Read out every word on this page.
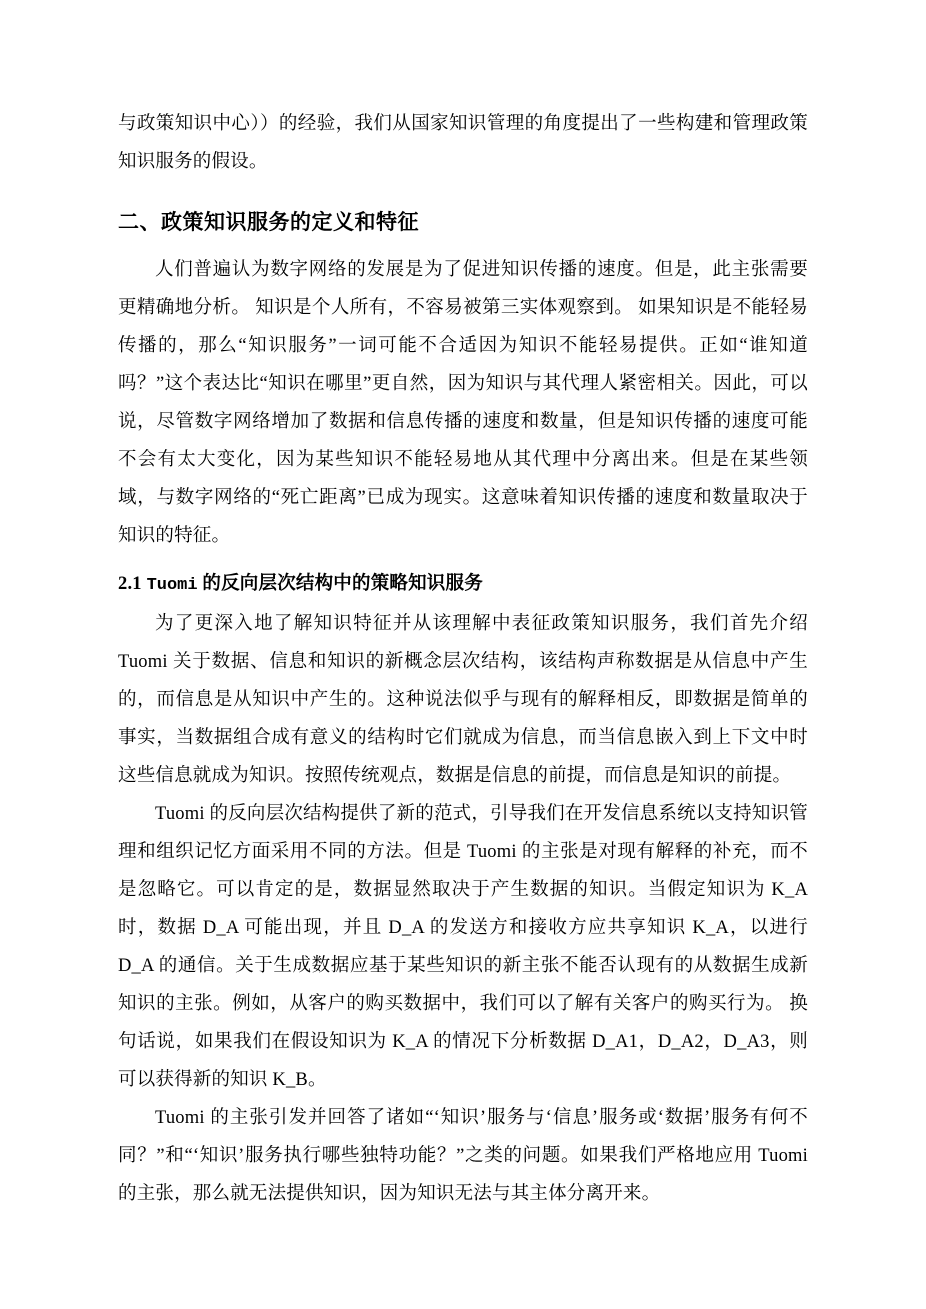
与政策知识中心））的经验，我们从国家知识管理的角度提出了一些构建和管理政策知识服务的假设。

二、政策知识服务的定义和特征

人们普遍认为数字网络的发展是为了促进知识传播的速度。但是，此主张需要更精确地分析。 知识是个人所有，不容易被第三实体观察到。 如果知识是不能轻易传播的，那么“知识服务”一词可能不合适因为知识不能轻易提供。正如“谁知道吗？”这个表达比“知识在哪里”更自然，因为知识与其代理人紧密相关。因此，可以说，尽管数字网络增加了数据和信息传播的速度和数量，但是知识传播的速度可能不会有太大变化，因为某些知识不能轻易地从其代理中分离出来。但是在某些领域，与数字网络的“死亡距离”已成为现实。这意味着知识传播的速度和数量取决于知识的特征。

2.1 Tuomi 的反向层次结构中的策略知识服务

为了更深入地了解知识特征并从该理解中表征政策知识服务，我们首先介绍 Tuomi 关于数据、信息和知识的新概念层次结构，该结构声称数据是从信息中产生的，而信息是从知识中产生的。这种说法似乎与现有的解释相反，即数据是简单的事实，当数据组合成有意义的结构时它们就成为信息，而当信息嵌入到上下文中时这些信息就成为知识。按照传统观点，数据是信息的前提，而信息是知识的前提。

Tuomi 的反向层次结构提供了新的范式，引导我们在开发信息系统以支持知识管理和组织记忆方面采用不同的方法。但是 Tuomi 的主张是对现有解释的补充，而不是忽略它。可以肯定的是，数据显然取决于产生数据的知识。当假定知识为 K_A 时，数据 D_A 可能出现，并且 D_A 的发送方和接收方应共享知识 K_A，以进行 D_A 的通信。关于生成数据应基于某些知识的新主张不能否认现有的从数据生成新知识的主张。例如，从客户的购买数据中，我们可以了解有关客户的购买行为。 换句话说，如果我们在假设知识为 K_A 的情况下分析数据 D_A1，D_A2，D_A3，则可以获得新的知识 K_B。

Tuomi 的主张引发并回答了诸如“‘知识’服务与‘信息’服务或‘数据’服务有何不同？”和“‘知识’服务执行哪些独特功能？”之类的问题。如果我们严格地应用 Tuomi 的主张，那么就无法提供知识，因为知识无法与其主体分离开来。
